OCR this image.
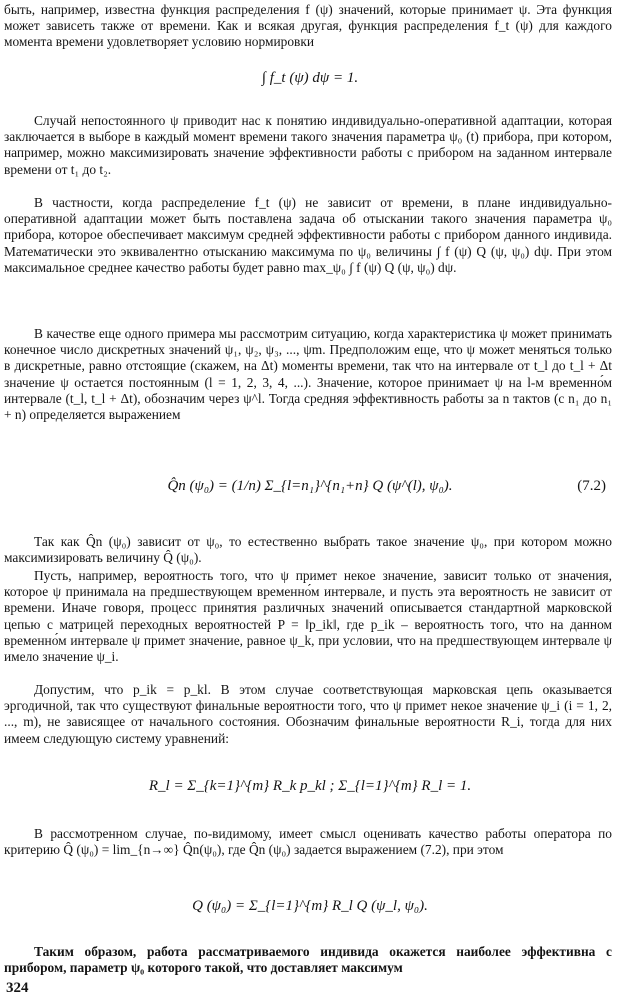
быть, например, известна функция распределения f (ψ) значений, которые принимает ψ. Эта функция может зависеть также от времени. Как и всякая другая, функция распределения f_t (ψ) для каждого момента времени удовлетворяет условию нормировки

∫ f_t (ψ) dψ = 1.

Случай непостоянного ψ приводит нас к понятию индивидуально-оперативной адаптации, которая заключается в выборе в каждый момент времени такого значения параметра ψ₀ (t) прибора, при котором, например, можно максимизировать значение эффективности работы с прибором на заданном интервале времени от t₁ до t₂.

В частности, когда распределение f_t (ψ) не зависит от времени, в плане индивидуально-оперативной адаптации может быть поставлена задача об отыскании такого значения параметра ψ₀ прибора, которое обеспечивает максимум средней эффективности работы с прибором данного индивида. Математически это эквивалентно отысканию максимума по ψ₀ величины ∫ f (ψ) Q (ψ, ψ₀) dψ. При этом максимальное среднее качество работы будет равно max_ψ₀ ∫ f (ψ) Q (ψ, ψ₀) dψ.

В качестве еще одного примера мы рассмотрим ситуацию, когда характеристика ψ может принимать конечное число дискретных значений ψ₁, ψ₂, ψ₃, ..., ψm. Предположим еще, что ψ может меняться только в дискретные, равно отстоящие (скажем, на Δt) моменты времени, так что на интервале от t_l до t_l + Δt значение ψ остается постоянным (l = 1, 2, 3, 4, ...). Значение, которое принимает ψ на l-м временно́м интервале (t_l, t_l + Δt), обозначим через ψ^l. Тогда средняя эффективность работы за n тактов (с n₁ до n₁ + n) определяется выражением

Q̂n (ψ₀) = (1/n) Σ_{l=n₁}^{n₁+n} Q (ψ^(l), ψ₀).	(7.2)

Так как Q̂n (ψ₀) зависит от ψ₀, то естественно выбрать такое значение ψ₀, при котором можно максимизировать величину Q̂ (ψ₀).

Пусть, например, вероятность того, что ψ примет некое значение, зависит только от значения, которое ψ принимала на предшествующем временно́м интервале, и пусть эта вероятность не зависит от времени. Иначе говоря, процесс принятия различных значений описывается стандартной марковской цепью с матрицей переходных вероятностей P = ‖p_ik‖, где p_ik – вероятность того, что на данном временно́м интервале ψ примет значение, равное ψ_k, при условии, что на предшествующем интервале ψ имело значение ψ_i.

Допустим, что p_ik = p_kl. В этом случае соответствующая марковская цепь оказывается эргодичной, так что существуют финальные вероятности того, что ψ примет некое значение ψ_i (i = 1, 2, ..., m), не зависящее от начального состояния. Обозначим финальные вероятности R_i, тогда для них имеем следующую систему уравнений:

R_l = Σ_{k=1}^{m} R_k p_kl ; Σ_{l=1}^{m} R_l = 1.

В рассмотренном случае, по-видимому, имеет смысл оценивать качество работы оператора по критерию Q̂ (ψ₀) = lim_{n→∞} Q̂n(ψ₀), где Q̂n (ψ₀) задается выражением (7.2), при этом

Q (ψ₀) = Σ_{l=1}^{m} R_l Q (ψ_l, ψ₀).

Таким образом, работа рассматриваемого индивида окажется наиболее эффективна с прибором, параметр ψ₀ которого такой, что доставляет максимум

324
